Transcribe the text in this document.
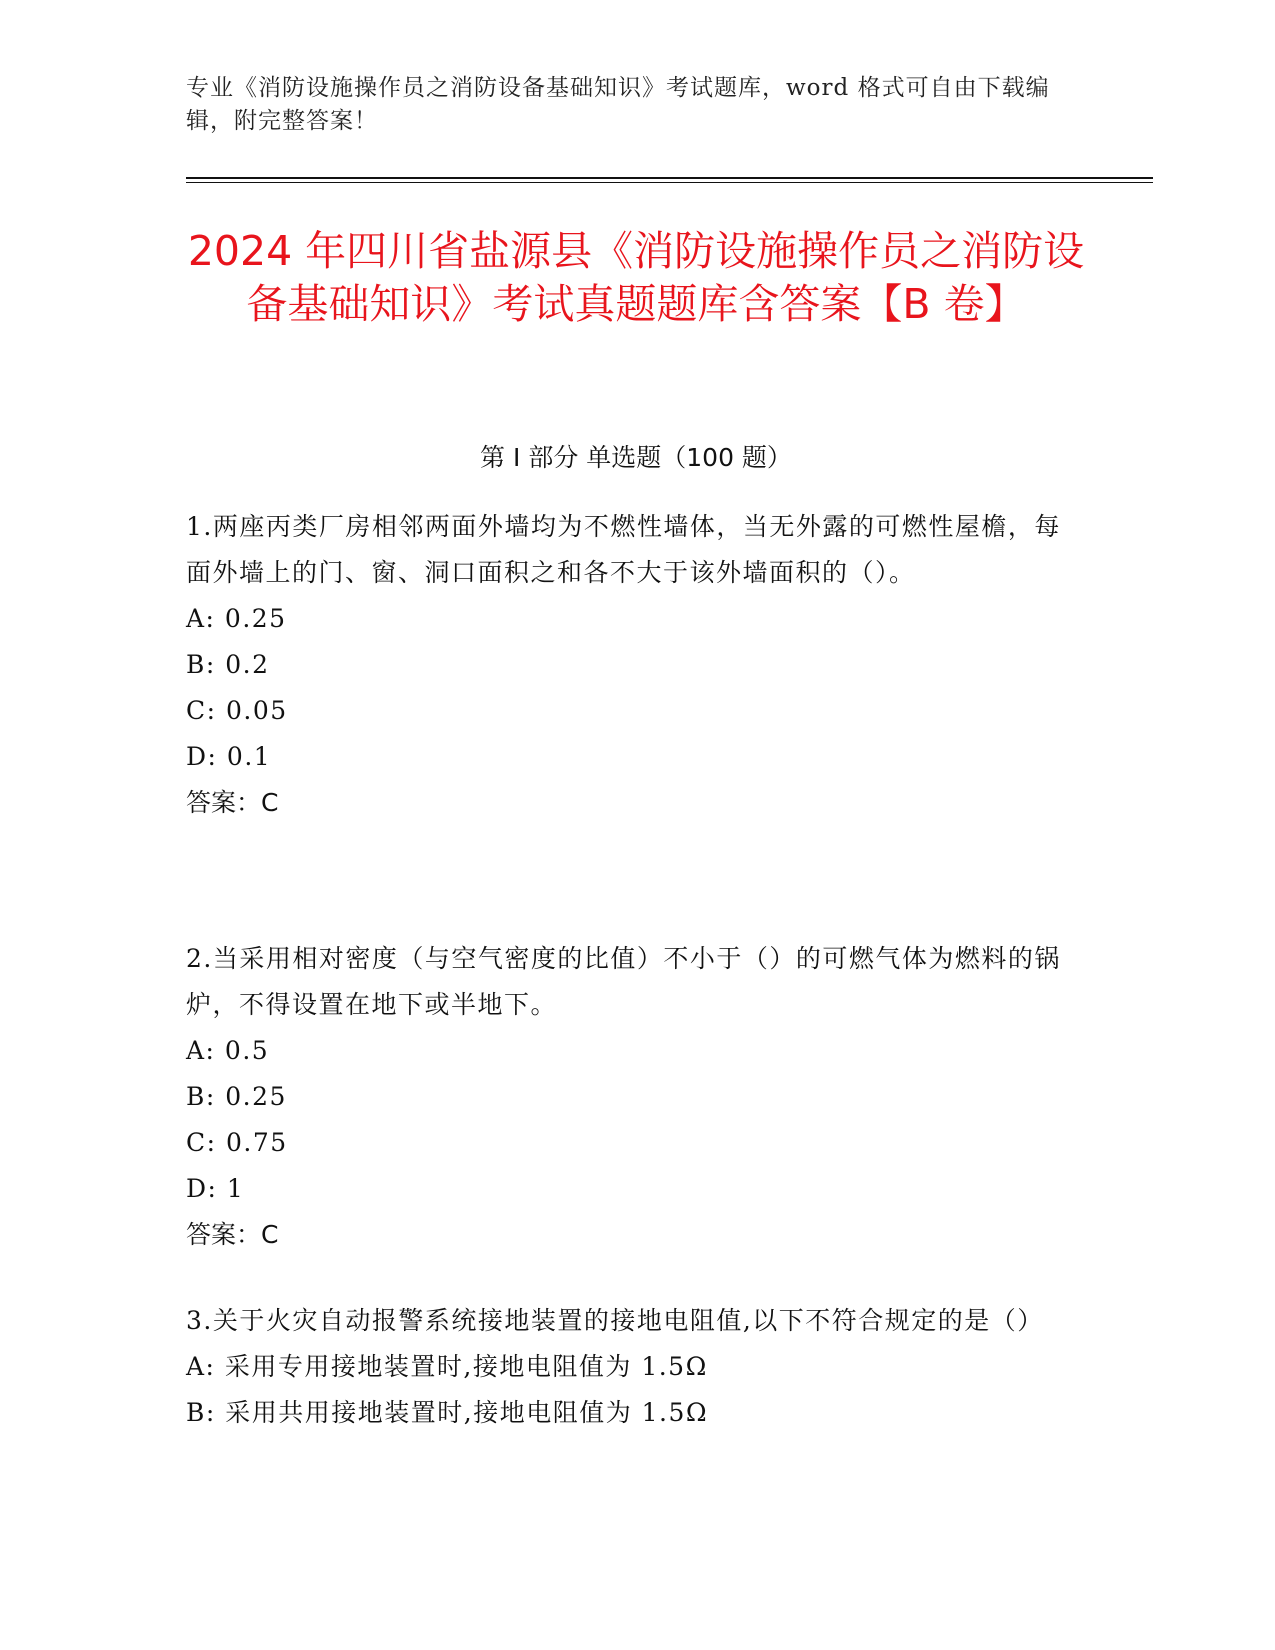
专业《消防设施操作员之消防设备基础知识》考试题库，word 格式可自由下载编辑，附完整答案！
2024 年四川省盐源县《消防设施操作员之消防设备基础知识》考试真题题库含答案【B 卷】
第 I 部分 单选题（100 题）
1.两座丙类厂房相邻两面外墙均为不燃性墙体，当无外露的可燃性屋檐，每面外墙上的门、窗、洞口面积之和各不大于该外墙面积的（）。
A: 0.25
B: 0.2
C: 0.05
D: 0.1
答案：C
2.当采用相对密度（与空气密度的比值）不小于（）的可燃气体为燃料的锅炉，不得设置在地下或半地下。
A: 0.5
B: 0.25
C: 0.75
D: 1
答案：C
3.关于火灾自动报警系统接地装置的接地电阻值,以下不符合规定的是（）
A: 采用专用接地装置时,接地电阻值为 1.5Ω
B: 采用共用接地装置时,接地电阻值为 1.5Ω
